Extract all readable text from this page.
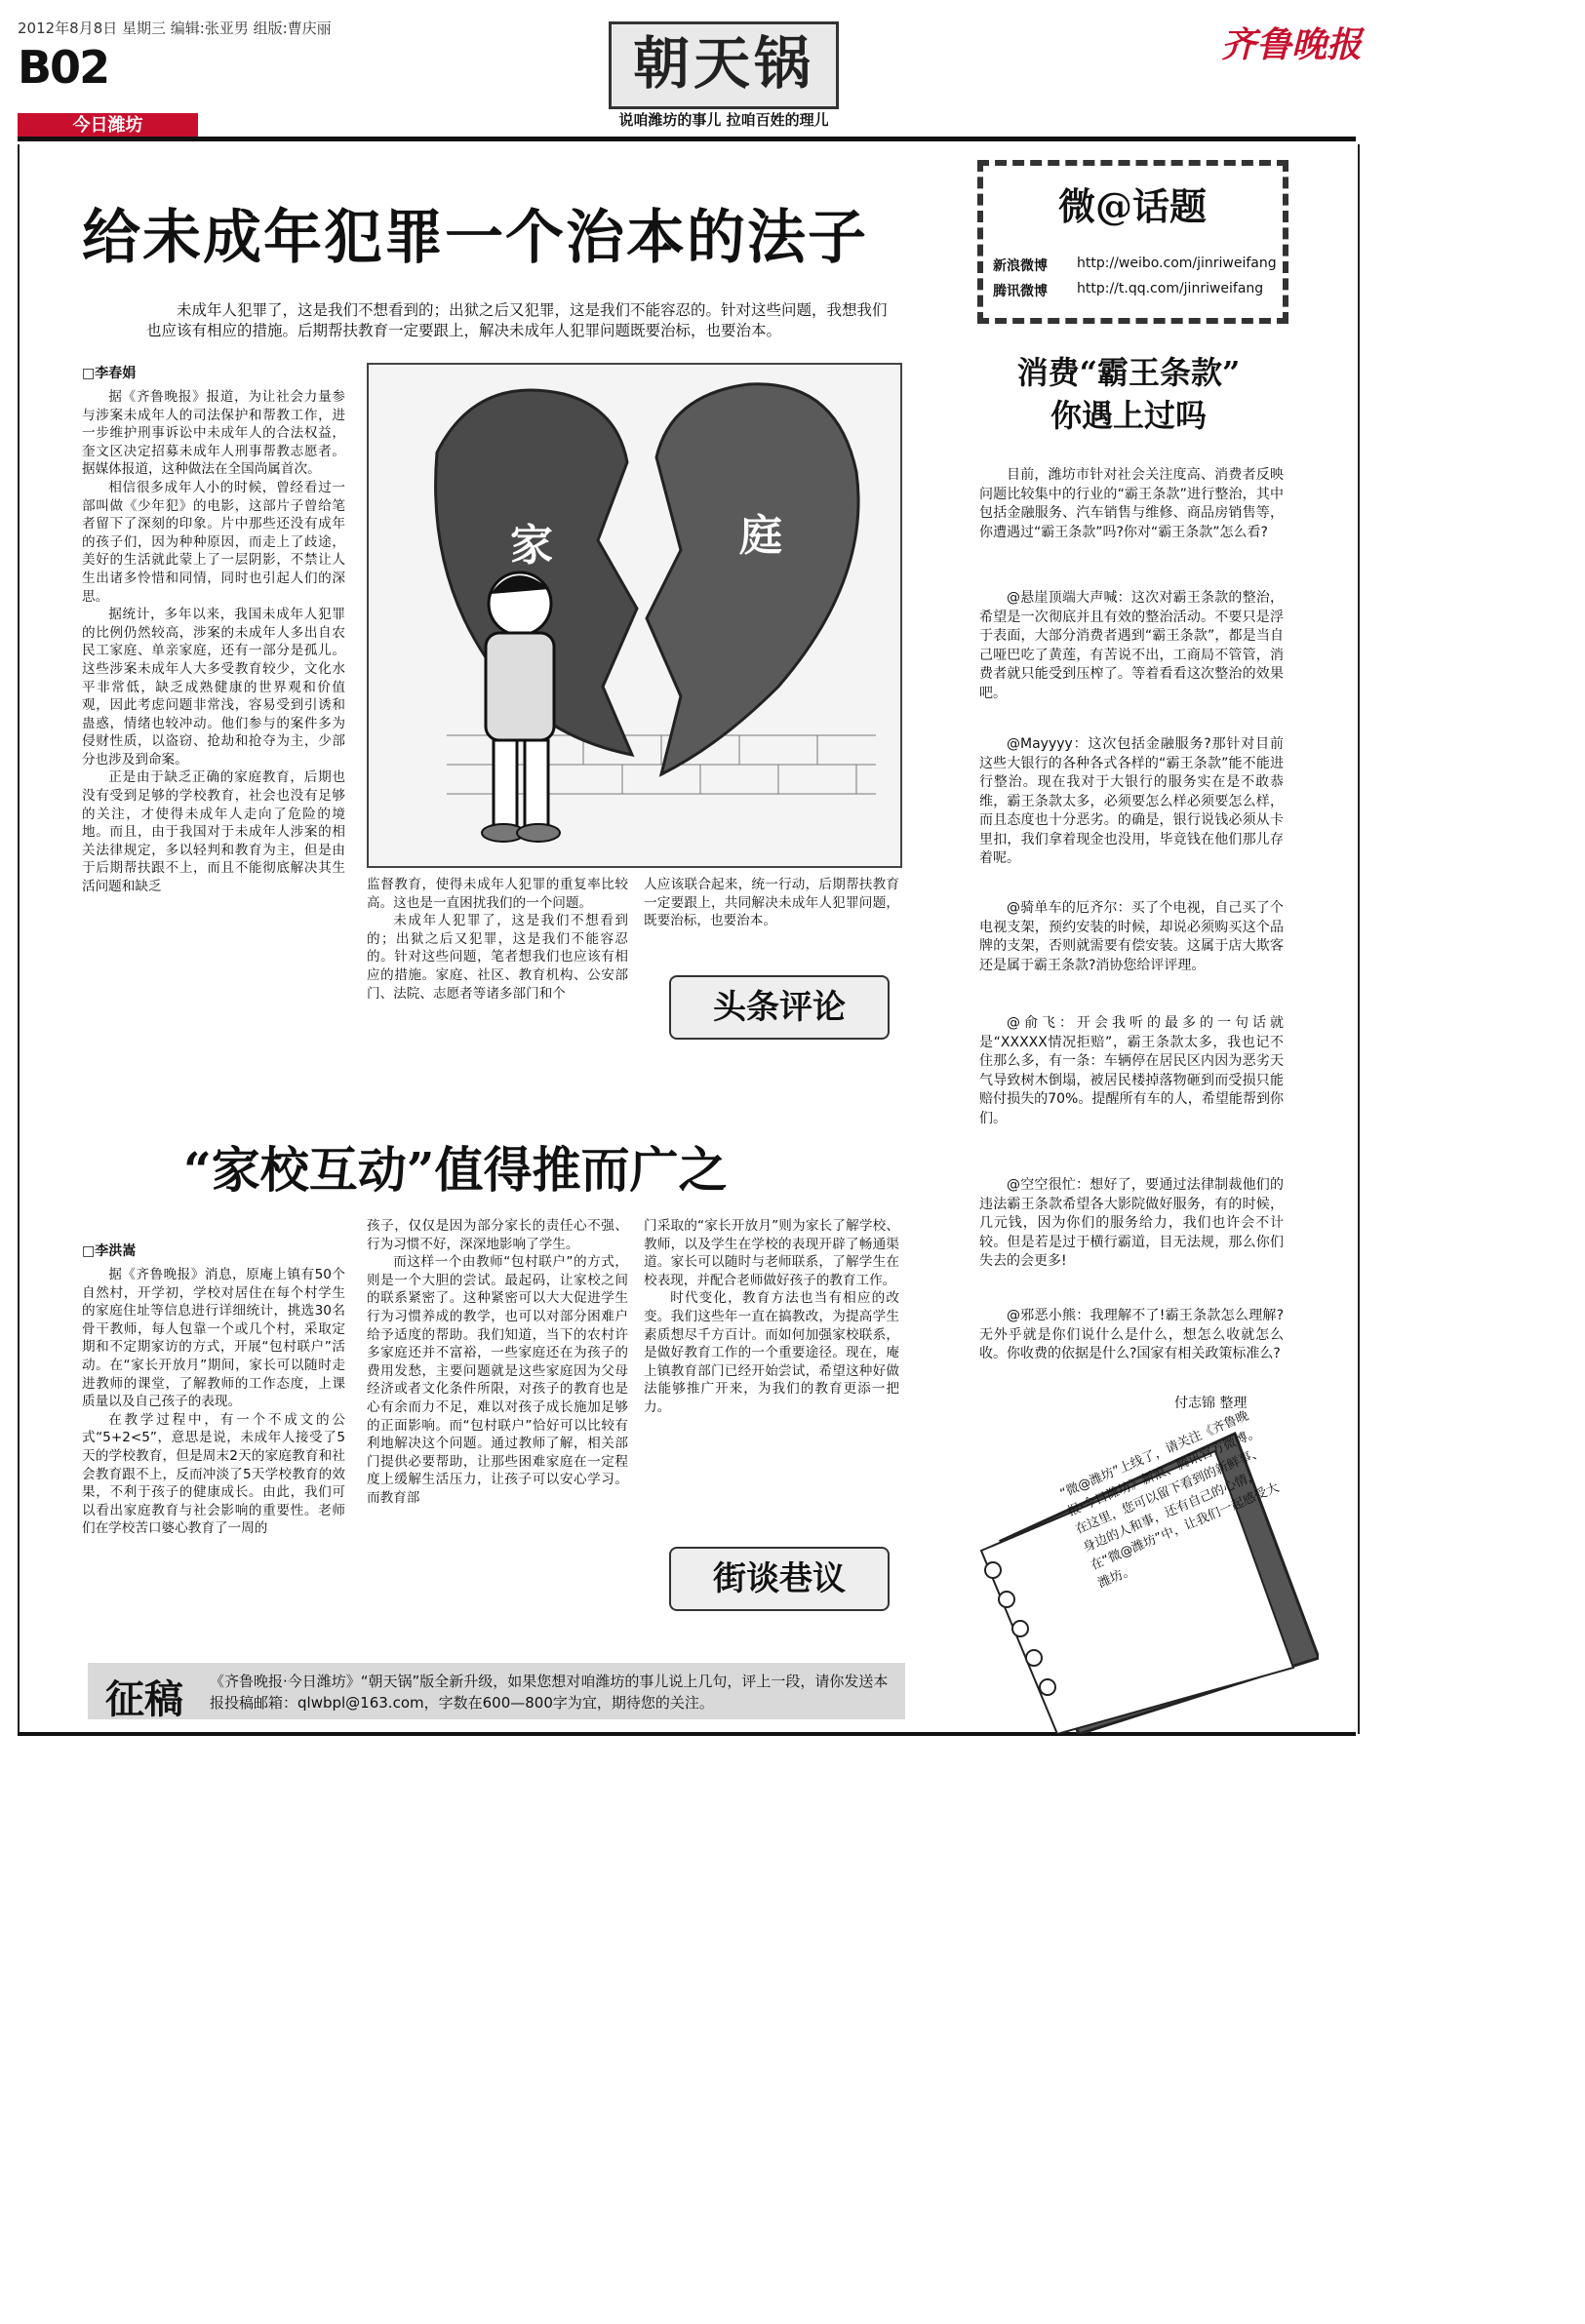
2012年8月8日 星期三 编辑:张亚男 组版:曹庆丽
B02
今日潍坊
朝天锅
说咱潍坊的事儿 拉咱百姓的理儿
齐鲁晚报
给未成年犯罪一个治本的法子
未成年人犯罪了，这是我们不想看到的；出狱之后又犯罪，这是我们不能容忍的。针对这些问题，我想我们也应该有相应的措施。后期帮扶教育一定要跟上，解决未成年人犯罪问题既要治标，也要治本。
□李春娟

据《齐鲁晚报》报道，为让社会力量参与涉案未成年人的司法保护和帮教工作，进一步维护刑事诉讼中未成年人的合法权益，奎文区决定招募未成年人刑事帮教志愿者。据媒体报道，这种做法在全国尚属首次。

相信很多成年人小的时候，曾经看过一部叫做《少年犯》的电影，这部片子曾给笔者留下了深刻的印象。片中那些还没有成年的孩子们，因为种种原因，而走上了歧途，美好的生活就此蒙上了一层阴影，不禁让人生出诸多怜惜和同情，同时也引起人们的深思。

据统计，多年以来，我国未成年人犯罪的比例仍然较高，涉案的未成年人多出自农民工家庭、单亲家庭，还有一部分是孤儿。这些涉案未成年人大多受教育较少，文化水平非常低，缺乏成熟健康的世界观和价值观，因此考虑问题非常浅，容易受到引诱和蛊惑，情绪也较冲动。他们参与的案件多为侵财性质，以盗窃、抢劫和抢夺为主，少部分也涉及到命案。

正是由于缺乏正确的家庭教育，后期也没有受到足够的学校教育，社会也没有足够的关注，才使得未成年人走向了危险的境地。而且，由于我国对于未成年人涉案的相关法律规定，多以轻判和教育为主，但是由于后期帮扶跟不上，而且不能彻底解决其生活问题和缺乏

家	庭

监督教育，使得未成年人犯罪的重复率比较高。这也是一直困扰我们的一个问题。

未成年人犯罪了，这是我们不想看到的；出狱之后又犯罪，这是我们不能容忍的。针对这些问题，笔者想我们也应该有相应的措施。家庭、社区、教育机构、公安部门、法院、志愿者等诸多部门和个

人应该联合起来，统一行动，后期帮扶教育一定要跟上，共同解决未成年人犯罪问题，既要治标，也要治本。

头条评论
“家校互动”值得推而广之
□李洪嵩

据《齐鲁晚报》消息，原庵上镇有50个自然村，开学初，学校对居住在每个村学生的家庭住址等信息进行详细统计，挑选30名骨干教师，每人包靠一个或几个村，采取定期和不定期家访的方式，开展“包村联户”活动。在“家长开放月”期间，家长可以随时走进教师的课堂，了解教师的工作态度，上课质量以及自己孩子的表现。

在教学过程中，有一个不成文的公式“5+2<5”，意思是说，未成年人接受了5天的学校教育，但是周末2天的家庭教育和社会教育跟不上，反而冲淡了5天学校教育的效果，不利于孩子的健康成长。由此，我们可以看出家庭教育与社会影响的重要性。老师们在学校苦口婆心教育了一周的

孩子，仅仅是因为部分家长的责任心不强、行为习惯不好，深深地影响了学生。

而这样一个由教师“包村联户”的方式，则是一个大胆的尝试。最起码，让家校之间的联系紧密了。这种紧密可以大大促进学生行为习惯养成的教学，也可以对部分困难户给予适度的帮助。我们知道，当下的农村许多家庭还并不富裕，一些家庭还在为孩子的费用发愁，主要问题就是这些家庭因为父母经济或者文化条件所限，对孩子的教育也是心有余而力不足，难以对孩子成长施加足够的正面影响。而“包村联户”恰好可以比较有利地解决这个问题。通过教师了解，相关部门提供必要帮助，让那些困难家庭在一定程度上缓解生活压力，让孩子可以安心学习。而教育部

门采取的“家长开放月”则为家长了解学校、教师，以及学生在学校的表现开辟了畅通渠道。家长可以随时与老师联系，了解学生在校表现，并配合老师做好孩子的教育工作。

时代变化，教育方法也当有相应的改变。我们这些年一直在搞教改，为提高学生素质想尽千方百计。而如何加强家校联系，是做好教育工作的一个重要途径。现在，庵上镇教育部门已经开始尝试，希望这种好做法能够推广开来，为我们的教育更添一把力。

街谈巷议
征稿 《齐鲁晚报·今日潍坊》“朝天锅”版全新升级，如果您想对咱潍坊的事儿说上几句，评上一段，请你发送本报投稿邮箱：qlwbpl@163.com，字数在600—800字为宜，期待您的关注。
微@话题
新浪微博 http://weibo.com/jinriweifang
腾讯微博 http://t.qq.com/jinriweifang
消费“霸王条款”
你遇上过吗

目前，潍坊市针对社会关注度高、消费者反映问题比较集中的行业的“霸王条款”进行整治，其中包括金融服务、汽车销售与维修、商品房销售等，你遭遇过“霸王条款”吗?你对“霸王条款”怎么看?

@悬崖顶端大声喊：这次对霸王条款的整治，希望是一次彻底并且有效的整治活动。不要只是浮于表面，大部分消费者遇到“霸王条款”，都是当自己哑巴吃了黄莲，有苦说不出，工商局不管管，消费者就只能受到压榨了。等着看看这次整治的效果吧。

@Mayyyy：这次包括金融服务?那针对目前这些大银行的各种各式各样的“霸王条款”能不能进行整治。现在我对于大银行的服务实在是不敢恭维，霸王条款太多，必须要怎么样必须要怎么样，而且态度也十分恶劣。的确是，银行说钱必须从卡里扣，我们拿着现金也没用，毕竟钱在他们那儿存着呢。

@骑单车的厄齐尔：买了个电视，自己买了个电视支架，预约安装的时候，却说必须购买这个品牌的支架，否则就需要有偿安装。这属于店大欺客还是属于霸王条款?消协您给评评理。

@俞飞：开会我听的最多的一句话就是“XXXXX情况拒赔”，霸王条款太多，我也记不住那么多，有一条：车辆停在居民区内因为恶劣天气导致树木倒塌，被居民楼掉落物砸到而受损只能赔付损失的70%。提醒所有车的人，希望能帮到你们。

@空空很忙：想好了，要通过法律制裁他们的违法霸王条款希望各大影院做好服务，有的时候，几元钱，因为你们的服务给力，我们也许会不计较。但是若是过于横行霸道，目无法规，那么你们失去的会更多!

@邪恶小熊：我理解不了!霸王条款怎么理解?无外乎就是你们说什么是什么，想怎么收就怎么收。你收费的依据是什么?国家有相关政策标准么?

付志锦 整理
“微@潍坊”上线了，请关注《齐鲁晚报·今日潍坊》新浪、腾讯官方微博。在这里，您可以留下看到的新鲜事、身边的人和事，还有自己的心情，在“微@潍坊”中，让我们一起感受大潍坊。
